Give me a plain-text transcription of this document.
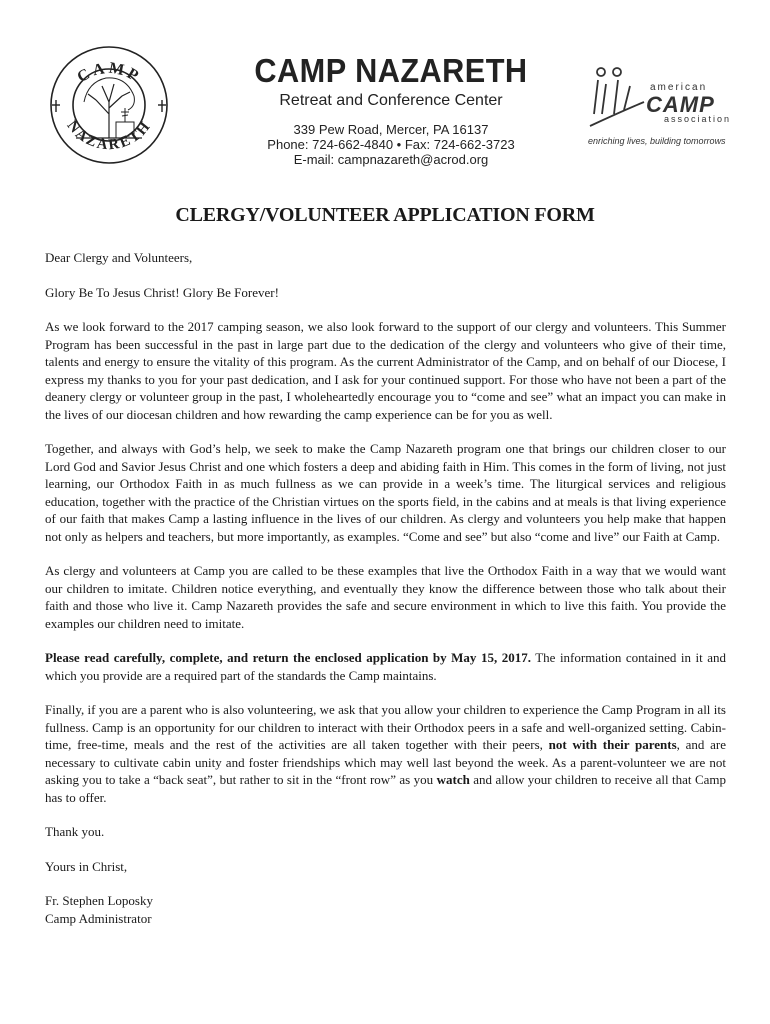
CAMP
NAZARETH
CAMP NAZARETH
Retreat and Conference Center
339 Pew Road, Mercer, PA 16137
Phone: 724-662-4840 • Fax: 724-662-3723
E-mail: campnazareth@acrod.org
american
CAMP
association
enriching lives, building tomorrows
CLERGY/VOLUNTEER APPLICATION FORM

Dear Clergy and Volunteers,

Glory Be To Jesus Christ! Glory Be Forever!

As we look forward to the 2017 camping season, we also look forward to the support of our clergy and volunteers. This Summer Program has been successful in the past in large part due to the dedication of the clergy and volunteers who give of their time, talents and energy to ensure the vitality of this program. As the current Administrator of the Camp, and on behalf of our Diocese, I express my thanks to you for your past dedication, and I ask for your continued support. For those who have not been a part of the deanery clergy or volunteer group in the past, I wholeheartedly encourage you to “come and see” what an impact you can make in the lives of our diocesan children and how rewarding the camp experience can be for you as well.

Together, and always with God’s help, we seek to make the Camp Nazareth program one that brings our children closer to our Lord God and Savior Jesus Christ and one which fosters a deep and abiding faith in Him. This comes in the form of living, not just learning, our Orthodox Faith in as much fullness as we can provide in a week’s time. The liturgical services and religious education, together with the practice of the Christian virtues on the sports field, in the cabins and at meals is that living experience of our faith that makes Camp a lasting influence in the lives of our children. As clergy and volunteers you help make that happen not only as helpers and teachers, but more importantly, as examples. “Come and see” but also “come and live” our Faith at Camp.

As clergy and volunteers at Camp you are called to be these examples that live the Orthodox Faith in a way that we would want our children to imitate. Children notice everything, and eventually they know the difference between those who talk about their faith and those who live it. Camp Nazareth provides the safe and secure environment in which to live this faith. You provide the examples our children need to imitate.

Please read carefully, complete, and return the enclosed application by May 15, 2017. The information contained in it and which you provide are a required part of the standards the Camp maintains.

Finally, if you are a parent who is also volunteering, we ask that you allow your children to experience the Camp Program in all its fullness. Camp is an opportunity for our children to interact with their Orthodox peers in a safe and well-organized setting. Cabin-time, free-time, meals and the rest of the activities are all taken together with their peers, not with their parents, and are necessary to cultivate cabin unity and foster friendships which may well last beyond the week. As a parent-volunteer we are not asking you to take a “back seat”, but rather to sit in the “front row” as you watch and allow your children to receive all that Camp has to offer.

Thank you.

Yours in Christ,

Fr. Stephen Loposky

Camp Administrator
